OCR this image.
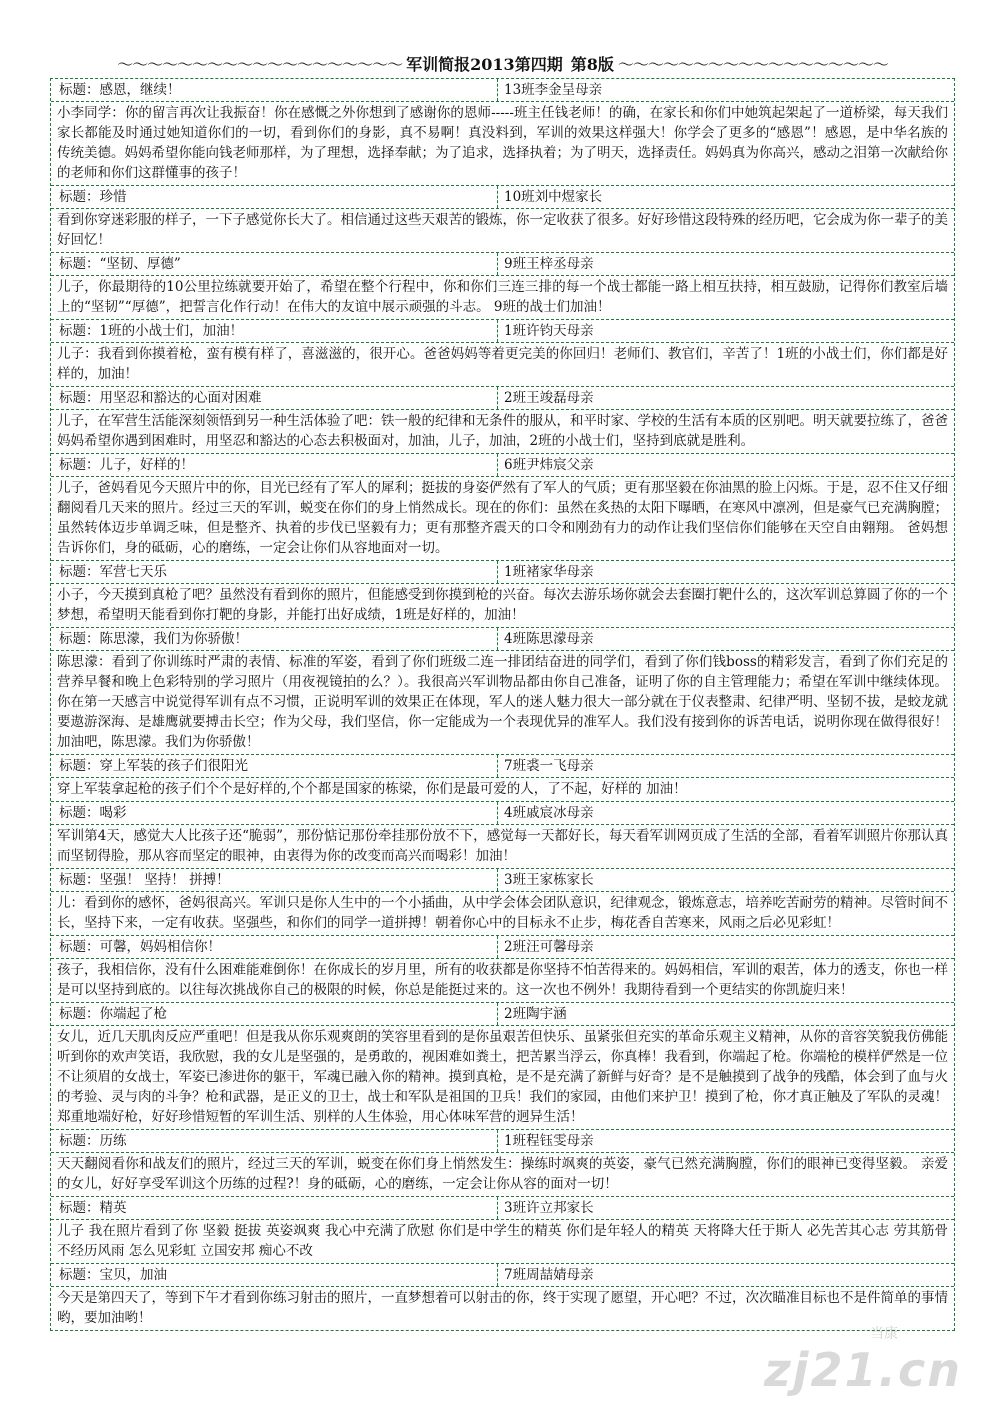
～～～～～～～～～～～～～～～～～～～ 军训简报2013第四期 第8版 ～～～～～～～～～～～～～～～～～～
标题：感恩，继续！	13班李金呈母亲
小李同学：你的留言再次让我振奋！你在感慨之外你想到了感谢你的恩师-----班主任钱老师！的确，在家长和你们中她筑起架起了一道桥梁，每天我们家长都能及时通过她知道你们的一切，看到你们的身影，真不易啊！真没料到，军训的效果这样强大！你学会了更多的“感恩”！感恩，是中华名族的传统美德。妈妈希望你能向钱老师那样，为了理想，选择奉献；为了追求，选择执着；为了明天，选择责任。妈妈真为你高兴，感动之泪第一次献给你的老师和你们这群懂事的孩子！
标题：珍惜	10班刘中煜家长
看到你穿迷彩服的样子，一下子感觉你长大了。相信通过这些天艰苦的锻炼，你一定收获了很多。好好珍惜这段特殊的经历吧，它会成为你一辈子的美好回忆！
标题：“坚韧、厚德”	9班王梓丞母亲
儿子，你最期待的10公里拉练就要开始了，希望在整个行程中，你和你们三连三排的每一个战士都能一路上相互扶持，相互鼓励，记得你们教室后墙上的“坚韧”“厚德”，把誓言化作行动！在伟大的友谊中展示顽强的斗志。 9班的战士们加油！
标题：1班的小战士们，加油！	1班许钧天母亲
儿子：我看到你摸着枪，蛮有模有样了，喜滋滋的，很开心。爸爸妈妈等着更完美的你回归！老师们、教官们，辛苦了！1班的小战士们，你们都是好样的，加油！
标题：用坚忍和豁达的心面对困难	2班王竣磊母亲
儿子，在军营生活能深刻领悟到另一种生活体验了吧：铁一般的纪律和无条件的服从，和平时家、学校的生活有本质的区别吧。明天就要拉练了，爸爸妈妈希望你遇到困难时，用坚忍和豁达的心态去积极面对，加油，儿子，加油，2班的小战士们，坚持到底就是胜利。
标题：儿子，好样的！	6班尹炜宸父亲
儿子，爸妈看见今天照片中的你，目光已经有了军人的犀利；挺拔的身姿俨然有了军人的气质；更有那坚毅在你油黑的脸上闪烁。于是，忍不住又仔细翻阅看几天来的照片。经过三天的军训，蜕变在你们的身上悄然成长。现在的你们：虽然在炙热的太阳下曝晒，在寒风中凛冽，但是豪气已充满胸膛；虽然转体迈步单调乏味，但是整齐、执着的步伐已坚毅有力；更有那整齐震天的口令和刚劲有力的动作让我们坚信你们能够在天空自由翱翔。 爸妈想告诉你们，身的砥砺，心的磨练，一定会让你们从容地面对一切。
标题：军营七天乐	1班褚家华母亲
小子，今天摸到真枪了吧？虽然没有看到你的照片，但能感受到你摸到枪的兴奋。每次去游乐场你就会去套圈打靶什么的，这次军训总算圆了你的一个梦想，希望明天能看到你打靶的身影，并能打出好成绩，1班是好样的，加油！
标题：陈思濛，我们为你骄傲！	4班陈思濛母亲
陈思濛：看到了你训练时严肃的表情、标准的军姿，看到了你们班级二连一排团结奋进的同学们，看到了你们钱boss的精彩发言，看到了你们充足的营养早餐和晚上色彩特别的学习照片（用夜视镜拍的么？）。我很高兴军训物品都由你自己准备，证明了你的自主管理能力；希望在军训中继续体现。你在第一天感言中说觉得军训有点不习惯，正说明军训的效果正在体现，军人的迷人魅力很大一部分就在于仪表整肃、纪律严明、坚韧不拔，是蛟龙就要遨游深海、是雄鹰就要搏击长空；作为父母，我们坚信，你一定能成为一个表现优异的准军人。我们没有接到你的诉苦电话，说明你现在做得很好！加油吧，陈思濛。我们为你骄傲！
标题：穿上军装的孩子们很阳光	7班裘一飞母亲
穿上军装拿起枪的孩子们个个是好样的,个个都是国家的栋梁，你们是最可爱的人，了不起，好样的 加油！
标题：喝彩	4班戚宸冰母亲
军训第4天，感觉大人比孩子还“脆弱”，那份惦记那份牵挂那份放不下，感觉每一天都好长，每天看军训网页成了生活的全部，看着军训照片你那认真而坚韧得脸，那从容而坚定的眼神，由衷得为你的改变而高兴而喝彩！加油！
标题：坚强！ 坚持！ 拼搏！	3班王家栋家长
儿：看到你的感怀，爸妈很高兴。军训只是你人生中的一个小插曲，从中学会体会团队意识，纪律观念，锻炼意志，培养吃苦耐劳的精神。尽管时间不长，坚持下来，一定有收获。坚强些，和你们的同学一道拼搏！朝着你心中的目标永不止步，梅花香自苦寒来，风雨之后必见彩虹！
标题：可馨，妈妈相信你！	2班汪可馨母亲
孩子，我相信你，没有什么困难能难倒你！在你成长的岁月里，所有的收获都是你坚持不怕苦得来的。妈妈相信，军训的艰苦，体力的透支，你也一样是可以坚持到底的。以往每次挑战你自己的极限的时候，你总是能挺过来的。这一次也不例外！我期待看到一个更结实的你凯旋归来！
标题：你端起了枪	2班陶宇涵
女儿，近几天肌肉反应严重吧！但是我从你乐观爽朗的笑容里看到的是你虽艰苦但快乐、虽紧张但充实的革命乐观主义精神，从你的音容笑貌我仿佛能听到你的欢声笑语，我欣慰，我的女儿是坚强的，是勇敢的，视困难如粪土，把苦累当浮云，你真棒！我看到，你端起了枪。你端枪的模样俨然是一位不让须眉的女战士，军姿已渗进你的躯干，军魂已融入你的精神。摸到真枪，是不是充满了新鲜与好奇？是不是触摸到了战争的残酷，体会到了血与火的考验、灵与肉的斗争？枪和武器，是正义的卫士，战士和军队是祖国的卫兵！我们的家园，由他们来护卫！摸到了枪，你才真正触及了军队的灵魂！郑重地端好枪，好好珍惜短暂的军训生活、别样的人生体验，用心体味军营的迥异生活！
标题：历练	1班程钰雯母亲
天天翻阅看你和战友们的照片，经过三天的军训，蜕变在你们身上悄然发生：操练时飒爽的英姿，豪气已然充满胸膛，你们的眼神已变得坚毅。 亲爱的女儿，好好享受军训这个历练的过程?！身的砥砺，心的磨练，一定会让你从容的面对一切！
标题：精英	3班许立邦家长
儿子 我在照片看到了你 坚毅 挺拔 英姿飒爽 我心中充满了欣慰 你们是中学生的精英 你们是年轻人的精英 天将降大任于斯人 必先苦其心志 劳其筋骨 不经历风雨 怎么见彩虹 立国安邦 痴心不改
标题：宝贝，加油	7班周喆婧母亲
今天是第四天了，等到下午才看到你练习射击的照片，一直梦想着可以射击的你，终于实现了愿望，开心吧？不过，次次瞄准目标也不是件简单的事情哟，要加油哟！
当康
zj21.cn
